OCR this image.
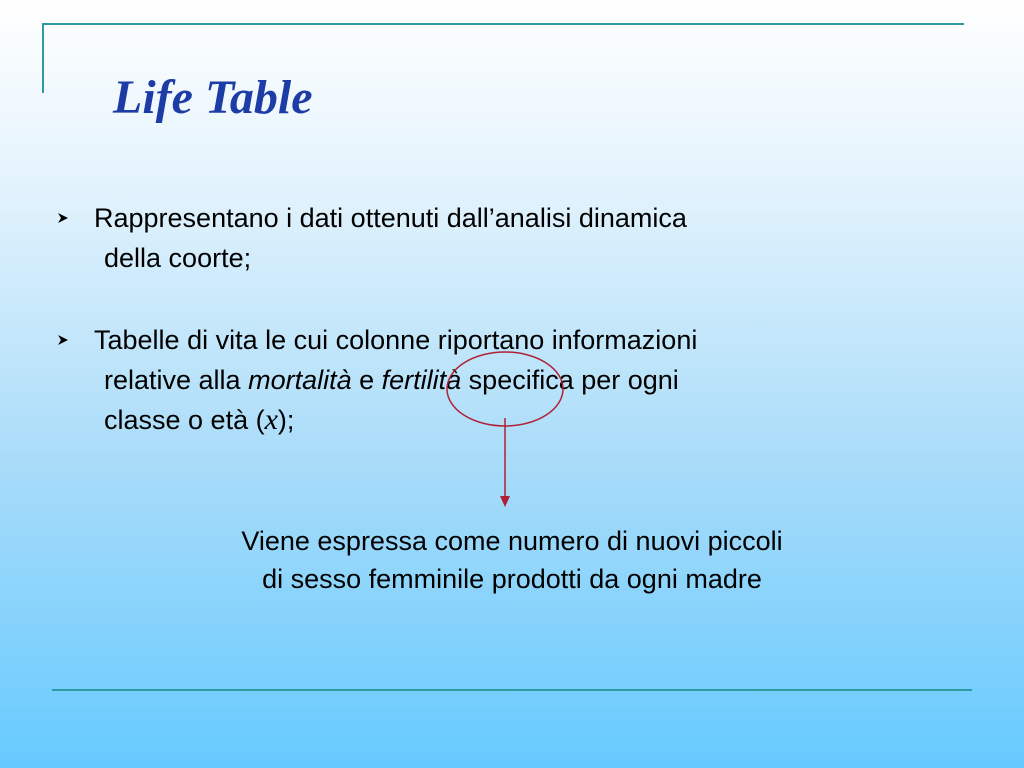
Life Table
Rappresentano i dati ottenuti dall’analisi dinamica
della coorte;
Tabelle di vita le cui colonne riportano informazioni
relative alla mortalità e fertilità specifica per ogni
classe o età (x);
Viene espressa come numero di nuovi piccoli
di sesso femminile prodotti da ogni madre
